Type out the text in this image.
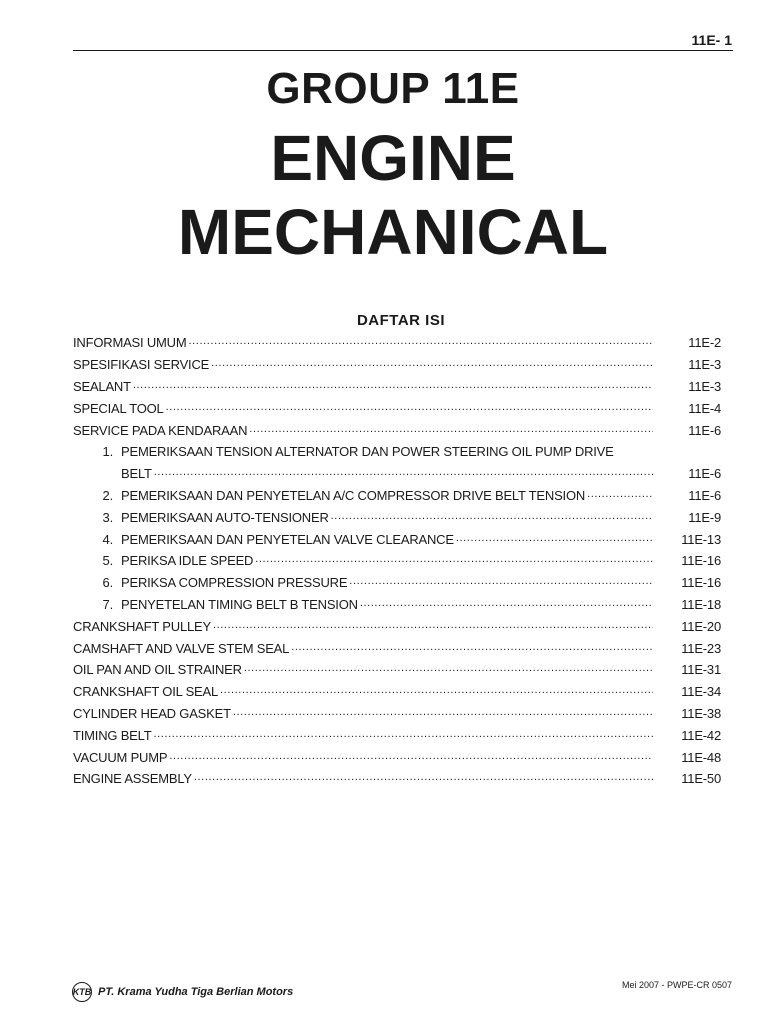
11E- 1
GROUP 11E
ENGINE
MECHANICAL
DAFTAR ISI
INFORMASI UMUM .....	11E-2
SPESIFIKASI SERVICE .....	11E-3
SEALANT .....	11E-3
SPECIAL TOOL .....	11E-4
SERVICE PADA KENDARAAN .....	11E-6
1. PEMERIKSAAN TENSION ALTERNATOR DAN POWER STEERING OIL PUMP DRIVE
BELT .....	11E-6
2. PEMERIKSAAN DAN PENYETELAN A/C COMPRESSOR DRIVE BELT TENSION .....	11E-6
3. PEMERIKSAAN AUTO-TENSIONER .....	11E-9
4. PEMERIKSAAN DAN PENYETELAN VALVE CLEARANCE .....	11E-13
5. PERIKSA IDLE SPEED .....	11E-16
6. PERIKSA COMPRESSION PRESSURE .....	11E-16
7. PENYETELAN TIMING BELT B TENSION .....	11E-18
CRANKSHAFT PULLEY .....	11E-20
CAMSHAFT AND VALVE STEM SEAL .....	11E-23
OIL PAN AND OIL STRAINER .....	11E-31
CRANKSHAFT OIL SEAL .....	11E-34
CYLINDER HEAD GASKET .....	11E-38
TIMING BELT .....	11E-42
VACUUM PUMP .....	11E-48
ENGINE ASSEMBLY .....	11E-50
KTB PT. Krama Yudha Tiga Berlian Motors
Mei 2007 - PWPE-CR 0507
